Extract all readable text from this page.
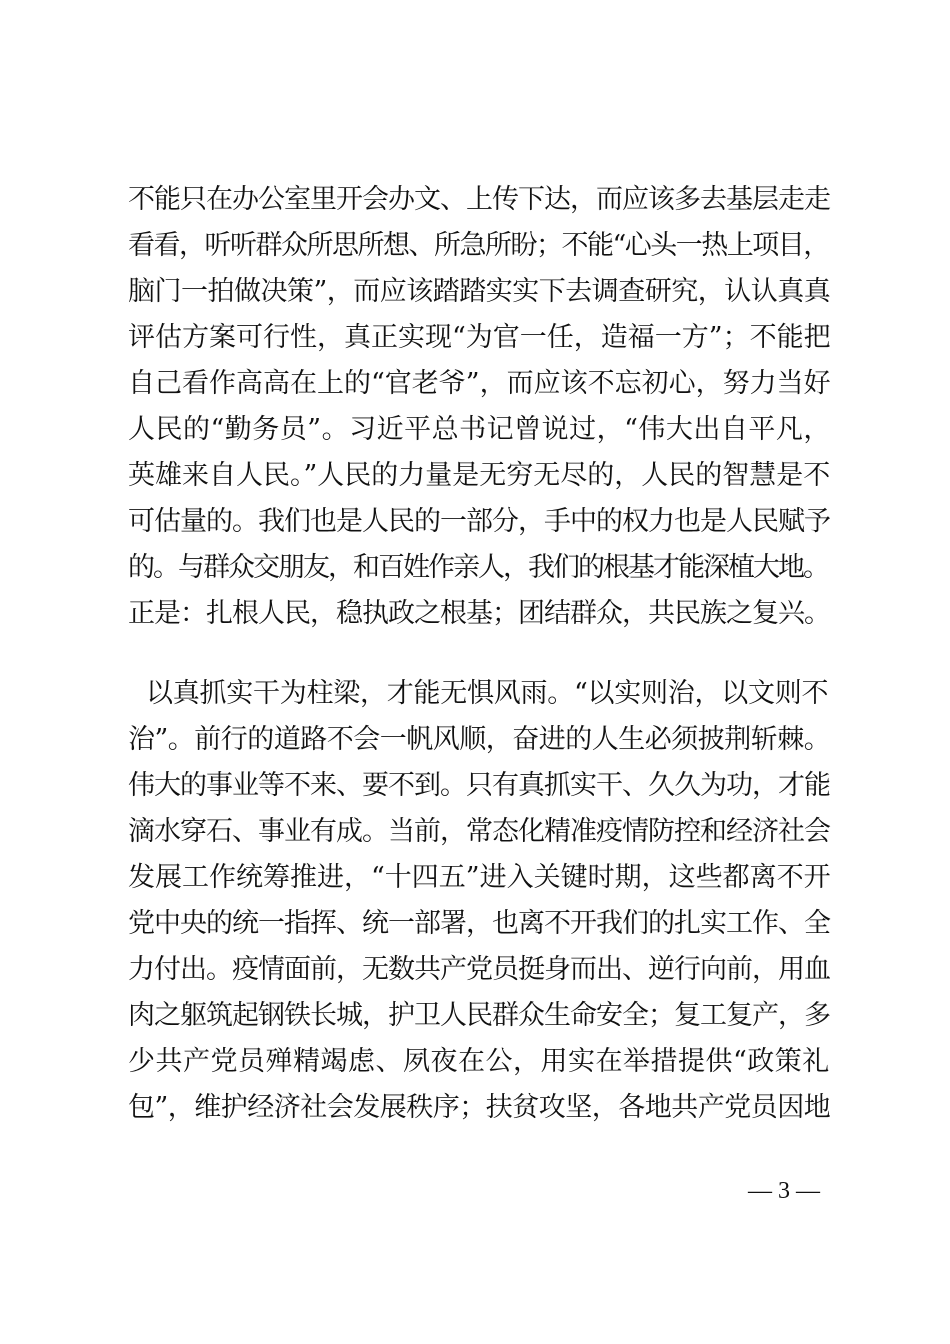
不能只在办公室里开会办文、上传下达，而应该多去基层走走
看看，听听群众所思所想、所急所盼；不能“心头一热上项目，
脑门一拍做决策”，而应该踏踏实实下去调查研究，认认真真
评估方案可行性，真正实现“为官一任，造福一方”；不能把
自己看作高高在上的“官老爷”，而应该不忘初心，努力当好
人民的“勤务员”。习近平总书记曾说过，“伟大出自平凡，
英雄来自人民。”人民的力量是无穷无尽的，人民的智慧是不
可估量的。我们也是人民的一部分，手中的权力也是人民赋予
的。与群众交朋友，和百姓作亲人，我们的根基才能深植大地。
正是：扎根人民，稳执政之根基；团结群众，共民族之复兴。
以真抓实干为柱梁，才能无惧风雨。“以实则治，以文则不
治”。前行的道路不会一帆风顺，奋进的人生必须披荆斩棘。
伟大的事业等不来、要不到。只有真抓实干、久久为功，才能
滴水穿石、事业有成。当前，常态化精准疫情防控和经济社会
发展工作统筹推进，“十四五”进入关键时期，这些都离不开
党中央的统一指挥、统一部署，也离不开我们的扎实工作、全
力付出。疫情面前，无数共产党员挺身而出、逆行向前，用血
肉之躯筑起钢铁长城，护卫人民群众生命安全；复工复产，多
少共产党员殚精竭虑、夙夜在公，用实在举措提供“政策礼
包”，维护经济社会发展秩序；扶贫攻坚，各地共产党员因地
— 3 —
